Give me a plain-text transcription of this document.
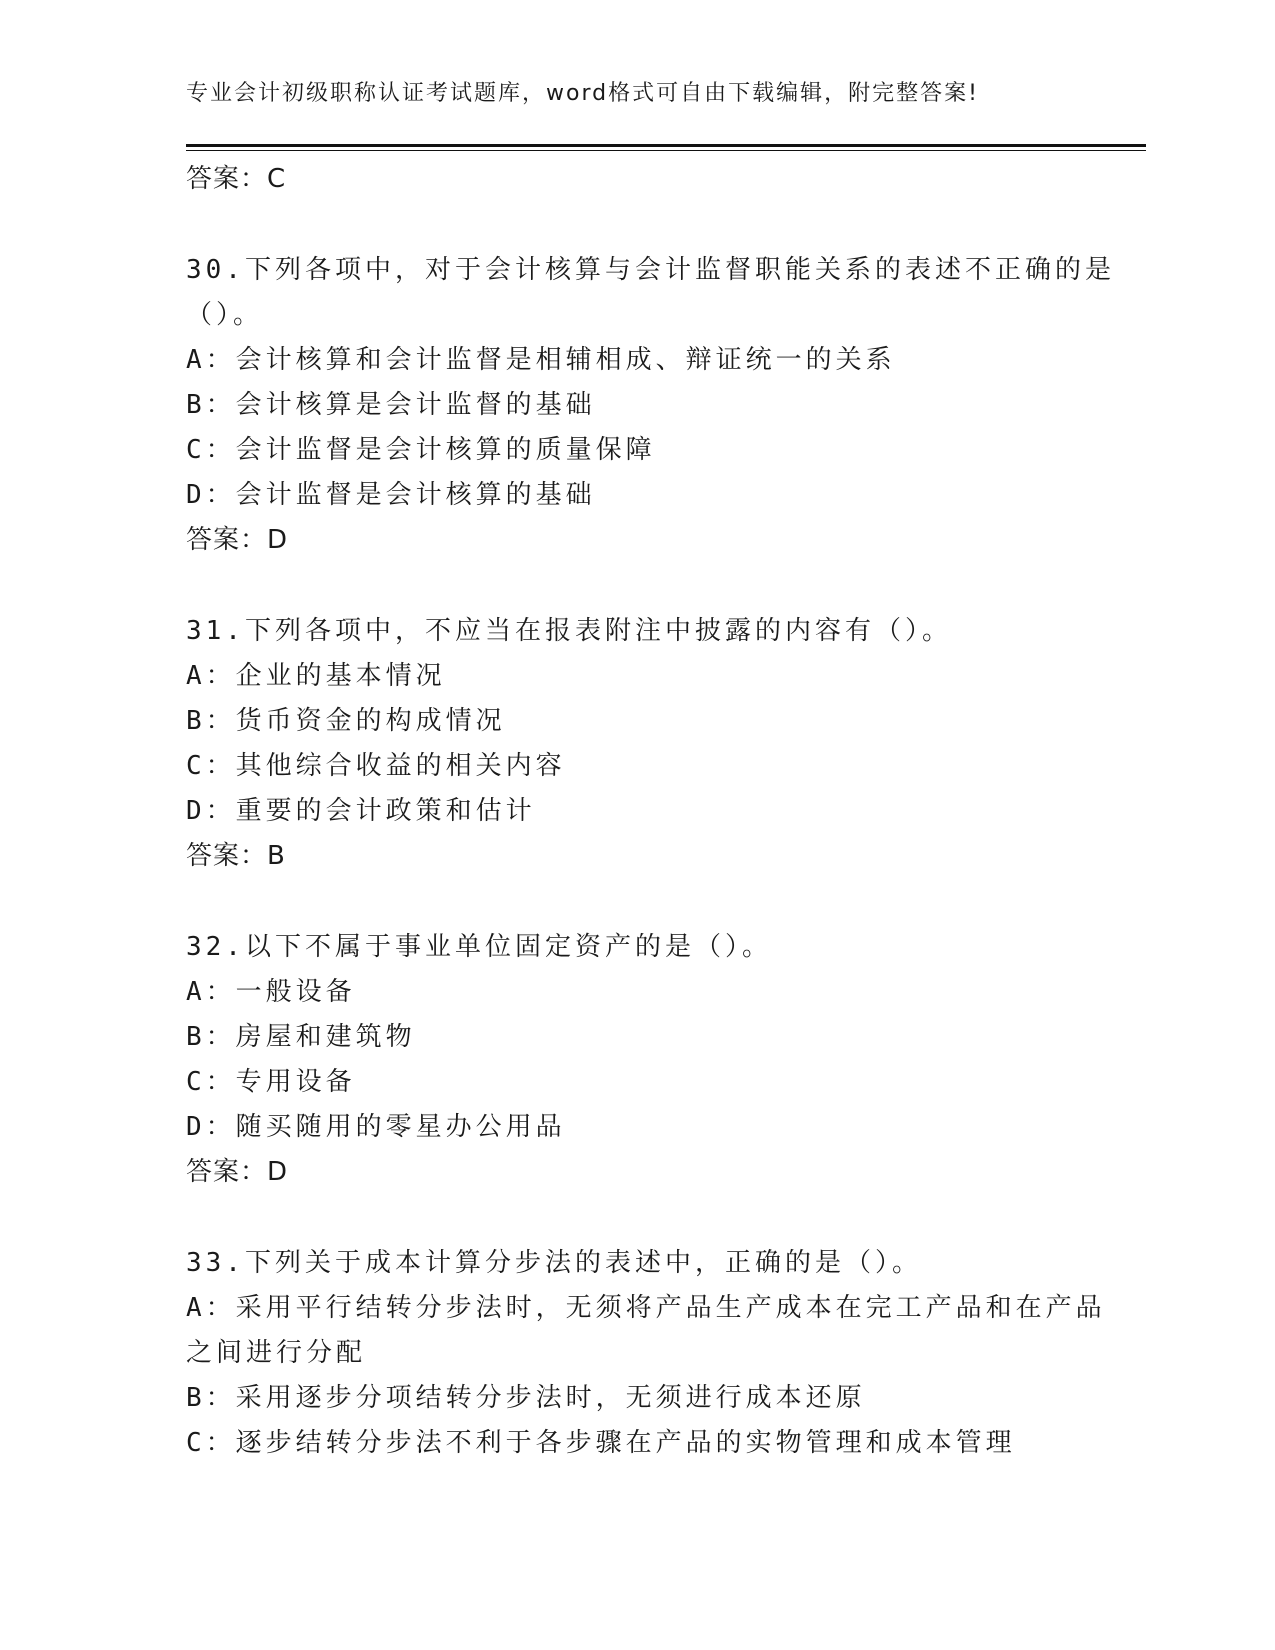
专业会计初级职称认证考试题库，word格式可自由下载编辑，附完整答案!
答案：C
30.下列各项中，对于会计核算与会计监督职能关系的表述不正确的是
（）。
A：会计核算和会计监督是相辅相成、辩证统一的关系
B：会计核算是会计监督的基础
C：会计监督是会计核算的质量保障
D：会计监督是会计核算的基础
答案：D
31.下列各项中，不应当在报表附注中披露的内容有（）。
A：企业的基本情况
B：货币资金的构成情况
C：其他综合收益的相关内容
D：重要的会计政策和估计
答案：B
32.以下不属于事业单位固定资产的是（）。
A：一般设备
B：房屋和建筑物
C：专用设备
D：随买随用的零星办公用品
答案：D
33.下列关于成本计算分步法的表述中，正确的是（）。
A：采用平行结转分步法时，无须将产品生产成本在完工产品和在产品
之间进行分配
B：采用逐步分项结转分步法时，无须进行成本还原
C：逐步结转分步法不利于各步骤在产品的实物管理和成本管理
